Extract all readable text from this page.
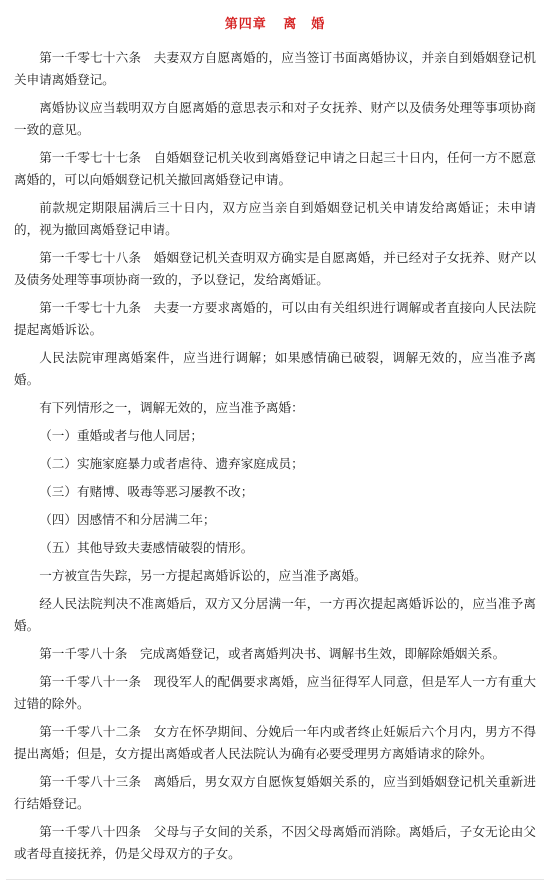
第四章 离　婚
第一千零七十六条 夫妻双方自愿离婚的，应当签订书面离婚协议，并亲自到婚姻登记机关申请离婚登记。
离婚协议应当载明双方自愿离婚的意思表示和对子女抚养、财产以及债务处理等事项协商一致的意见。
第一千零七十七条 自婚姻登记机关收到离婚登记申请之日起三十日内，任何一方不愿意离婚的，可以向婚姻登记机关撤回离婚登记申请。
前款规定期限届满后三十日内，双方应当亲自到婚姻登记机关申请发给离婚证；未申请的，视为撤回离婚登记申请。
第一千零七十八条 婚姻登记机关查明双方确实是自愿离婚，并已经对子女抚养、财产以及债务处理等事项协商一致的，予以登记，发给离婚证。
第一千零七十九条 夫妻一方要求离婚的，可以由有关组织进行调解或者直接向人民法院提起离婚诉讼。
人民法院审理离婚案件，应当进行调解；如果感情确已破裂，调解无效的，应当准予离婚。
有下列情形之一，调解无效的，应当准予离婚：
（一）重婚或者与他人同居；
（二）实施家庭暴力或者虐待、遗弃家庭成员；
（三）有赌博、吸毒等恶习屡教不改；
（四）因感情不和分居满二年；
（五）其他导致夫妻感情破裂的情形。
一方被宣告失踪，另一方提起离婚诉讼的，应当准予离婚。
经人民法院判决不准离婚后，双方又分居满一年，一方再次提起离婚诉讼的，应当准予离婚。
第一千零八十条 完成离婚登记，或者离婚判决书、调解书生效，即解除婚姻关系。
第一千零八十一条 现役军人的配偶要求离婚，应当征得军人同意，但是军人一方有重大过错的除外。
第一千零八十二条 女方在怀孕期间、分娩后一年内或者终止妊娠后六个月内，男方不得提出离婚；但是，女方提出离婚或者人民法院认为确有必要受理男方离婚请求的除外。
第一千零八十三条 离婚后，男女双方自愿恢复婚姻关系的，应当到婚姻登记机关重新进行结婚登记。
第一千零八十四条 父母与子女间的关系，不因父母离婚而消除。离婚后，子女无论由父或者母直接抚养，仍是父母双方的子女。
